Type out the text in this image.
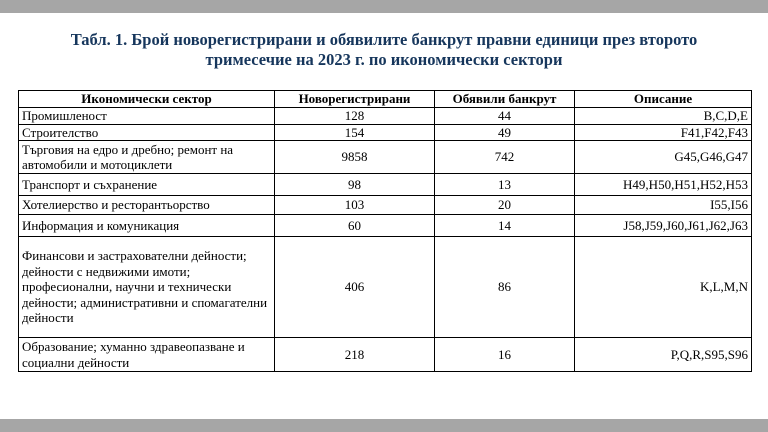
Табл. 1. Брой новорегистрирани и обявилите банкрут правни единици през второто
тримесечие на 2023 г. по икономически сектори
Икономически сектор	Новорегистрирани	Обявили банкрут	Описание
Промишленост	128	44	B,C,D,E
Строителство	154	49	F41,F42,F43
Търговия на едро и дребно; ремонт на автомобили и мотоциклети	9858	742	G45,G46,G47
Транспорт и съхранение	98	13	H49,H50,H51,H52,H53
Хотелиерство и ресторантьорство	103	20	I55,I56
Информация и комуникация	60	14	J58,J59,J60,J61,J62,J63
Финансови и застрахователни дейности; дейности с недвижими имоти; професионални, научни и технически дейности; административни и спомагателни дейности	406	86	K,L,M,N
Образование; хуманно здравеопазване и социални дейности	218	16	P,Q,R,S95,S96
